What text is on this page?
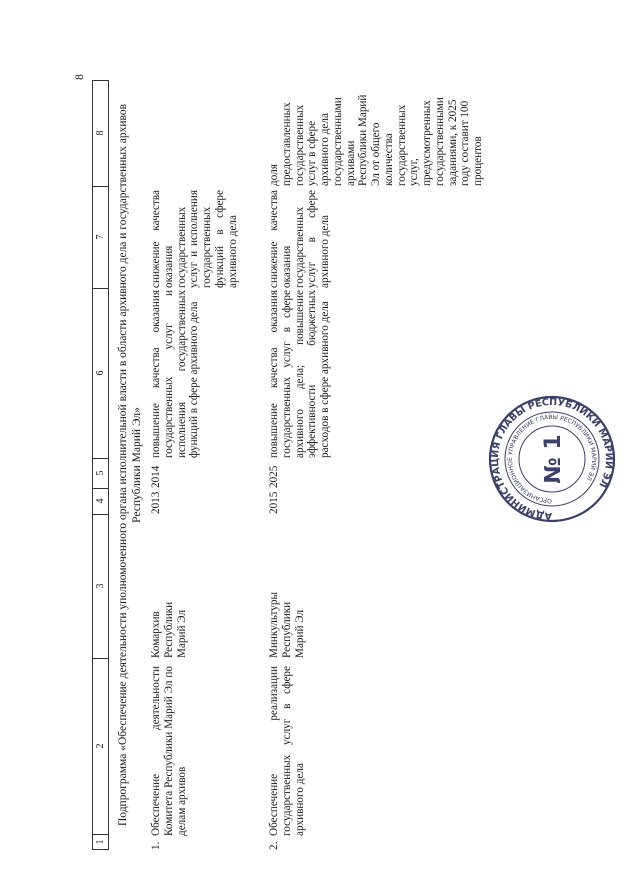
8
1
2
3
4
5
6
7
8 Подпрограмма «Обеспечение деятельности уполномоченного органа исполнительной власти в области архивного дела и государственных архивов Республики Марий Эл»
1.
Обеспечение деятельности Комитета Республики Марий Эл по делам архивов
Комархив Республики Марий Эл
2013
2014
повышение качества оказания государственных услуг и исполнения государственных функций в сфере архивного дела
снижение качества оказания государственных услуг и исполнения государственных функций в сфере архивного дела
2.
Обеспечение реализации государственных услуг в сфере архивного дела
Минкультуры Республики Марий Эл
2015
2025
повышение качества оказания государственных услуг в сфере архивного дела; повышение эффективности бюджетных расходов в сфере архивного дела
снижение качества оказания государственных услуг в сфере архивного дела
доля предоставленных государственных услуг в сфере архивного дела государственными архивами Республики Марий Эл от общего количества государственных услуг, предусмотренных государственными заданиями, к 2025 году составит 100 процентов
АДМИНИСТРАЦИЯ ГЛАВЫ РЕСПУБЛИКИ МАРИЙ ЭЛ
ОРГАНИЗАЦИОННОЕ УПРАВЛЕНИЕ ГЛАВЫ РЕСПУБЛИКИ МАРИЙ ЭЛ
№ 1
